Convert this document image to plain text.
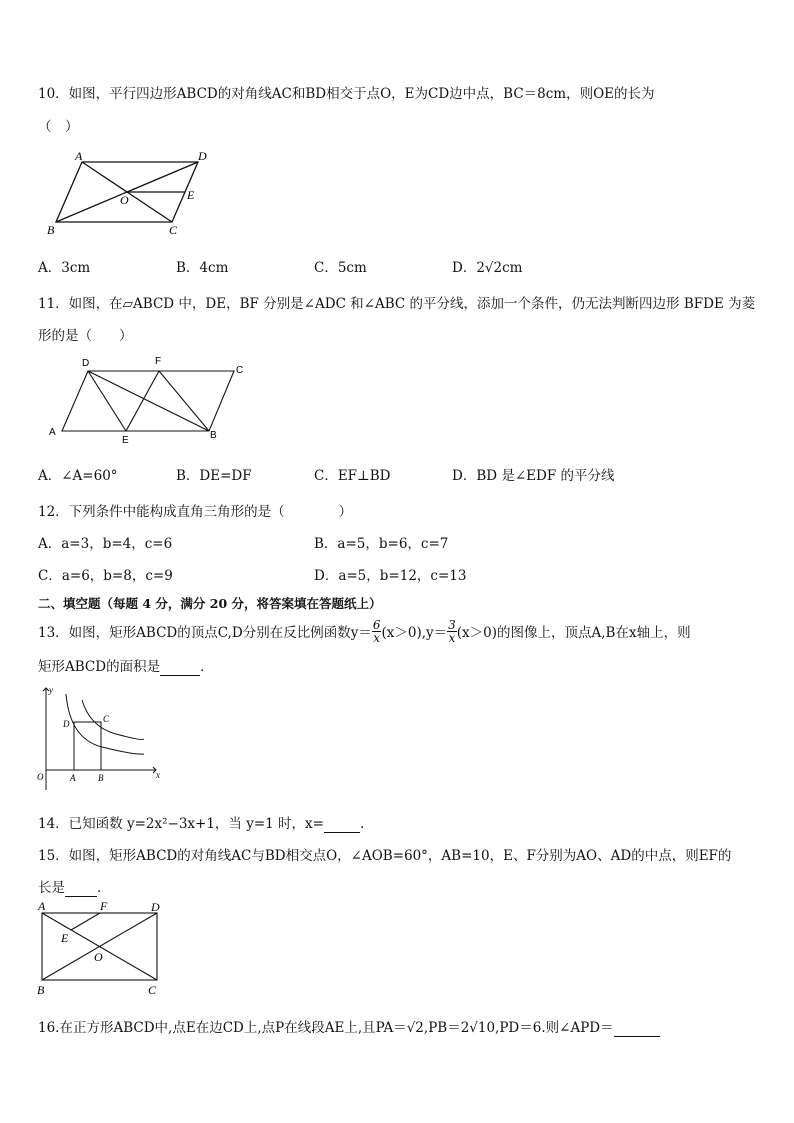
10．如图，平行四边形ABCD的对角线AC和BD相交于点O，E为CD边中点，BC＝8cm，则OE的长为
（　）
A	D
B	C
O	E
A．3cm	B．4cm	C．5cm	D．2√2cm
11．如图，在▱ABCD 中，DE，BF 分别是∠ADC 和∠ABC 的平分线，添加一个条件，仍无法判断四边形 BFDE 为菱
形的是（　　）
D	F
C
A
E	B
A．∠A=60°	B．DE=DF	C．EF⊥BD	D．BD 是∠EDF 的平分线
12．下列条件中能构成直角三角形的是（　　　　）
A．a=3，b=4，c=6	B．a=5，b=6，c=7
C．a=6，b=8，c=9	D．a=5，b=12，c=13
二、填空题（每题 4 分，满分 20 分，将答案填在答题纸上）
13．如图，矩形ABCD的顶点C,D分别在反比例函数$y= \frac{6}{x} (x>0),y= \frac{3}{x} (x>0)$的图像上，顶点A,B在x轴上，则
矩形ABCD的面积是	．
y
x
O	A	B
C
D
14．已知函数 y=2x²−3x+1，当 y=1 时，x=	.
15．如图，矩形ABCD的对角线AC与BD相交点O，∠AOB=60°，AB=10，E、F分别为AO、AD的中点，则EF的
长是 ．
A	F	D
E
O
B	C
16.在正方形ABCD中,点E在边CD上,点P在线段AE上,且PA＝√2,PB＝2√10,PD＝6.则∠APD＝
